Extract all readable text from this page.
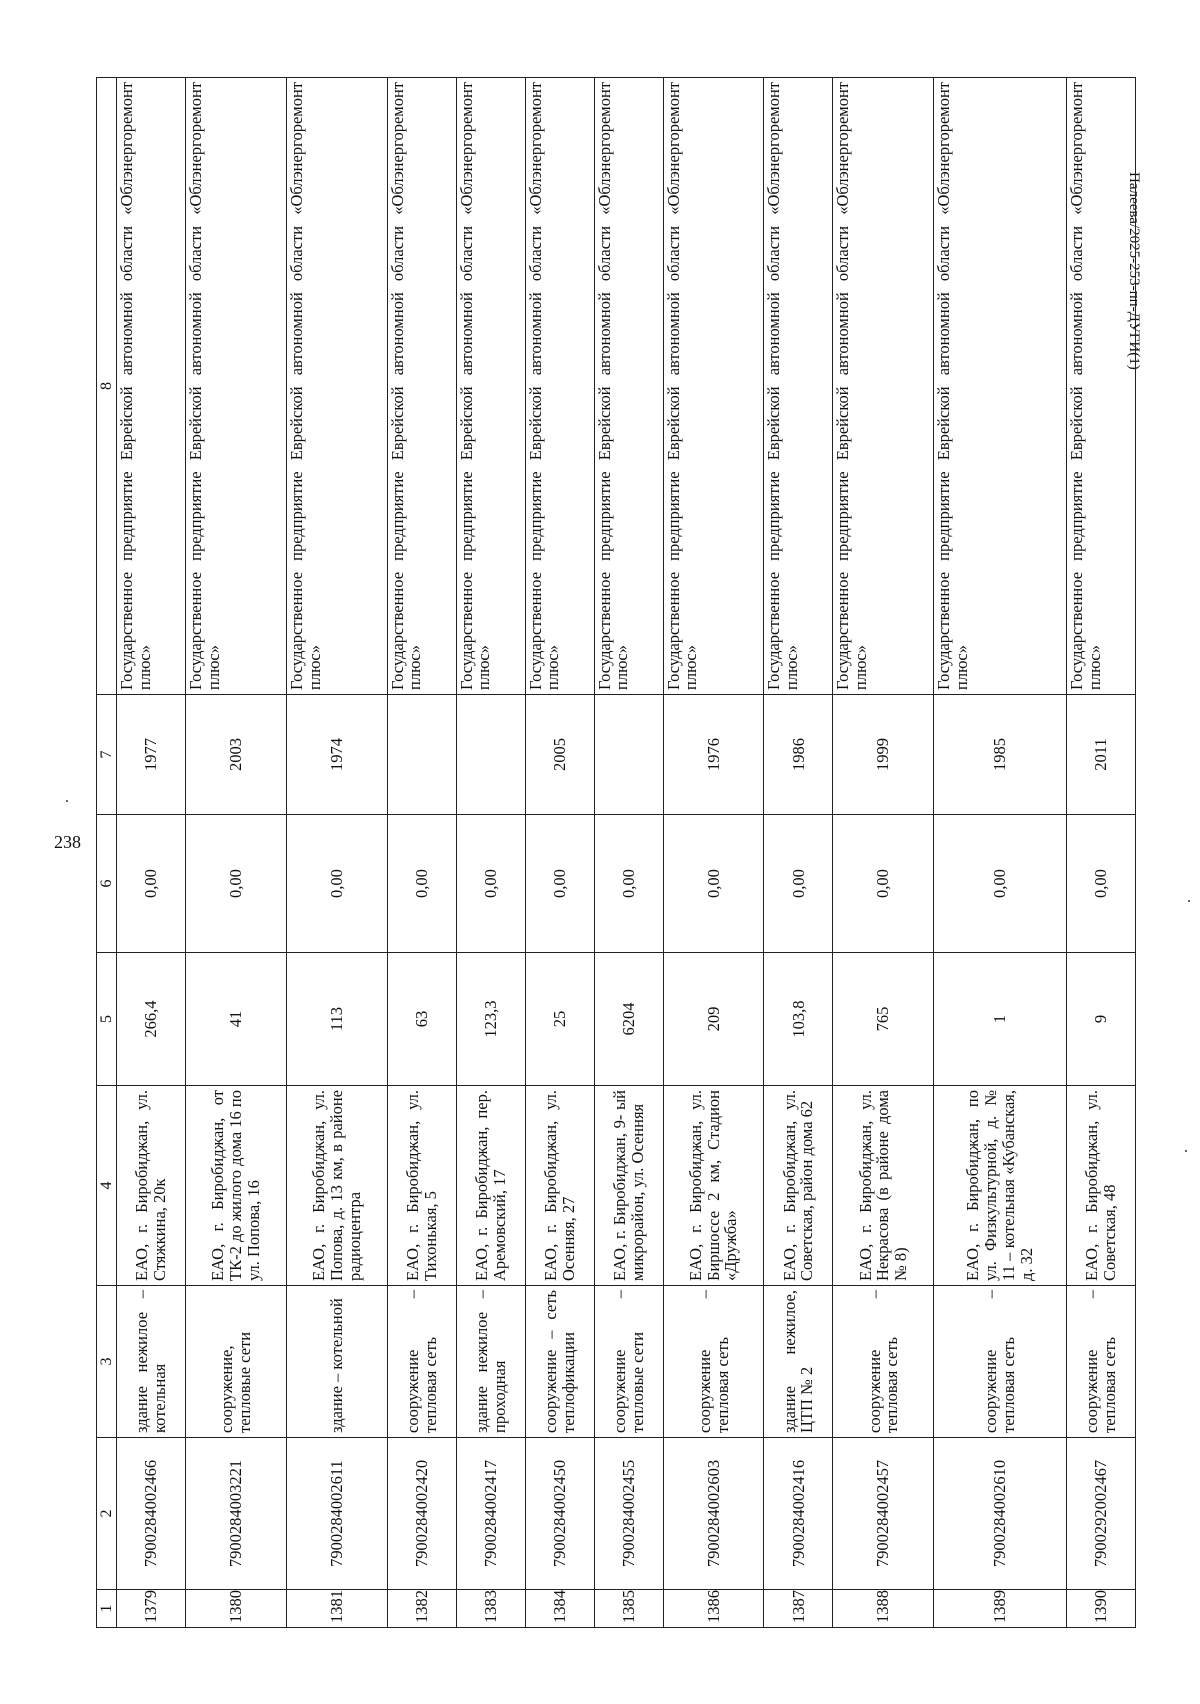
238
Палеева/2025-253-пп-ДУГИ(1)
1	2	3	4	5	6	7	8
1379	7900284002466	здание нежилое – котельная	ЕАО, г. Биробиджан, ул. Стяжкина, 20к	266,4	0,00	1977	Государственное предприятие Еврейской автономной области «Облэнергоремонт плюс»
1380	7900284003221	сооружение, тепловые сети	ЕАО, г. Биробиджан, от ТК-2 до жилого дома 16 по ул. Попова, 16	41	0,00	2003	Государственное предприятие Еврейской автономной области «Облэнергоремонт плюс»
1381	7900284002611	здание – котельной	ЕАО, г. Биробиджан, ул. Попова, д. 13 км, в районе радиоцентра	113	0,00	1974	Государственное предприятие Еврейской автономной области «Облэнергоремонт плюс»
1382	7900284002420	сооружение – тепловая сеть	ЕАО, г. Биробиджан, ул. Тихонькая, 5	63	0,00		Государственное предприятие Еврейской автономной области «Облэнергоремонт плюс»
1383	7900284002417	здание нежилое – проходная	ЕАО, г. Биробиджан, пер. Аремовский, 17	123,3	0,00		Государственное предприятие Еврейской автономной области «Облэнергоремонт плюс»
1384	7900284002450	сооружение – сеть теплофикации	ЕАО, г. Биробиджан, ул. Осенняя, 27	25	0,00	2005	Государственное предприятие Еврейской автономной области «Облэнергоремонт плюс»
1385	7900284002455	сооружение – тепловые сети	ЕАО, г. Биробиджан, 9- ый микрорайон, ул. Осенняя	6204	0,00		Государственное предприятие Еврейской автономной области «Облэнергоремонт плюс»
1386	7900284002603	сооружение – тепловая сеть	ЕАО, г. Биробиджан, ул. Биршоссе 2 км, Стадион «Дружба»	209	0,00	1976	Государственное предприятие Еврейской автономной области «Облэнергоремонт плюс»
1387	7900284002416	здание нежилое, ЦТП № 2	ЕАО, г. Биробиджан, ул. Советская, район дома 62	103,8	0,00	1986	Государственное предприятие Еврейской автономной области «Облэнергоремонт плюс»
1388	7900284002457	сооружение – тепловая сеть	ЕАО, г. Биробиджан, ул. Некрасова (в районе дома № 8)	765	0,00	1999	Государственное предприятие Еврейской автономной области «Облэнергоремонт плюс»
1389	7900284002610	сооружение – тепловая сеть	ЕАО, г. Биробиджан, по ул. Физкультурной, д. № 11 – котельная «Кубанская, д. 32	1	0,00	1985	Государственное предприятие Еврейской автономной области «Облэнергоремонт плюс»
1390	7900292002467	сооружение – тепловая сеть	ЕАО, г. Биробиджан, ул. Советская, 48	9	0,00	2011	Государственное предприятие Еврейской автономной области «Облэнергоремонт плюс»
